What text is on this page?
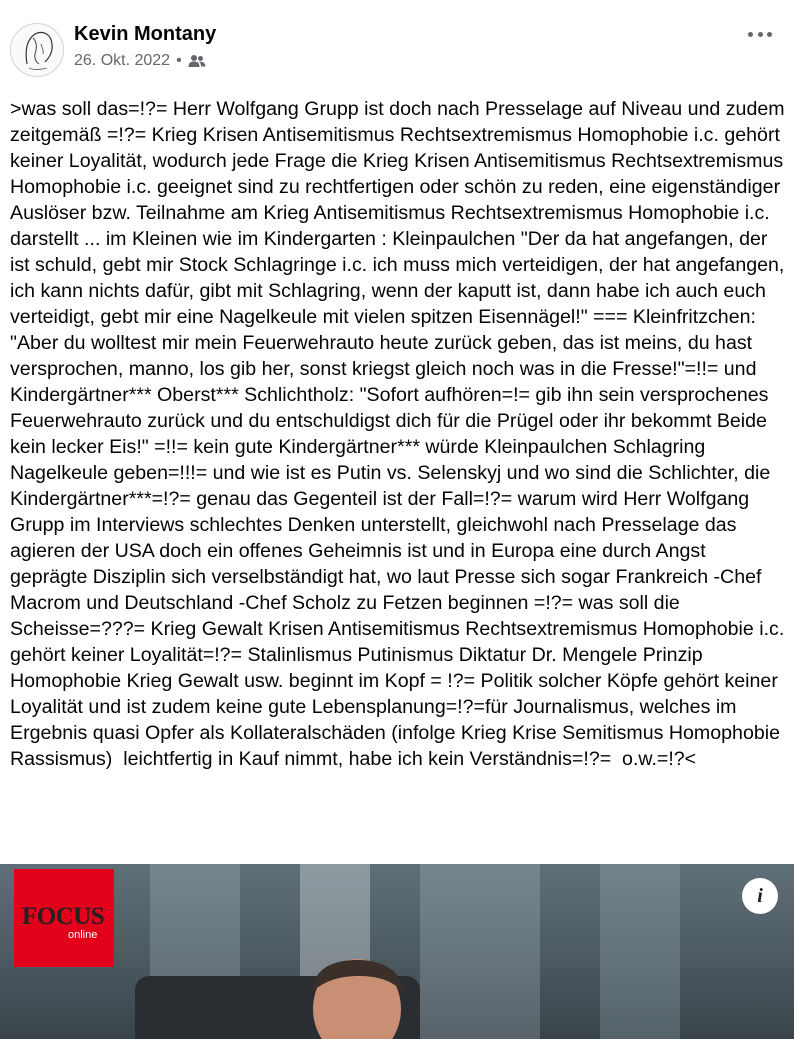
Kevin Montany
26. Okt. 2022 •
>was soll das=!?= Herr Wolfgang Grupp ist doch nach Presselage auf Niveau und zudem zeitgemäß =!?= Krieg Krisen Antisemitismus Rechtsextremismus Homophobie i.c. gehört keiner Loyalität, wodurch jede Frage die Krieg Krisen Antisemitismus Rechtsextremismus Homophobie i.c. geeignet sind zu rechtfertigen oder schön zu reden, eine eigenständiger Auslöser bzw. Teilnahme am Krieg Antisemitismus Rechtsextremismus Homophobie i.c. darstellt ... im Kleinen wie im Kindergarten : Kleinpaulchen "Der da hat angefangen, der ist schuld, gebt mir Stock Schlagringe i.c. ich muss mich verteidigen, der hat angefangen, ich kann nichts dafür, gibt mit Schlagring, wenn der kaputt ist, dann habe ich auch euch verteidigt, gebt mir eine Nagelkeule mit vielen spitzen Eisennägel!" === Kleinfritzchen: "Aber du wolltest mir mein Feuerwehrauto heute zurück geben, das ist meins, du hast versprochen, manno, los gib her, sonst kriegst gleich noch was in die Fresse!"=!!= und Kindergärtner*** Oberst*** Schlichtholz: "Sofort aufhören=!= gib ihn sein versprochenes Feuerwehrauto zurück und du entschuldigst dich für die Prügel oder ihr bekommt Beide kein lecker Eis!" =!!= kein gute Kindergärtner*** würde Kleinpaulchen Schlagring Nagelkeule geben=!!!= und wie ist es Putin vs. Selenskyj und wo sind die Schlichter, die Kindergärtner***=!?= genau das Gegenteil ist der Fall=!?= warum wird Herr Wolfgang Grupp im Interviews schlechtes Denken unterstellt, gleichwohl nach Presselage das agieren der USA doch ein offenes Geheimnis ist und in Europa eine durch Angst geprägte Disziplin sich verselbständigt hat, wo laut Presse sich sogar Frankreich -Chef Macrom und Deutschland -Chef Scholz zu Fetzen beginnen =!?= was soll die Scheisse=???= Krieg Gewalt Krisen Antisemitismus Rechtsextremismus Homophobie i.c. gehört keiner Loyalität=!?= Stalinlismus Putinismus Diktatur Dr. Mengele Prinzip Homophobie Krieg Gewalt usw. beginnt im Kopf = !?= Politik solcher Köpfe gehört keiner Loyalität und ist zudem keine gute Lebensplanung=!?=für Journalismus, welches im Ergebnis quasi Opfer als Kollateralschäden (infolge Krieg Krise Semitismus Homophobie Rassismus)  leichtfertig in Kauf nimmt, habe ich kein Verständnis=!?=  o.w.=!?<
FOCUS
online
i
